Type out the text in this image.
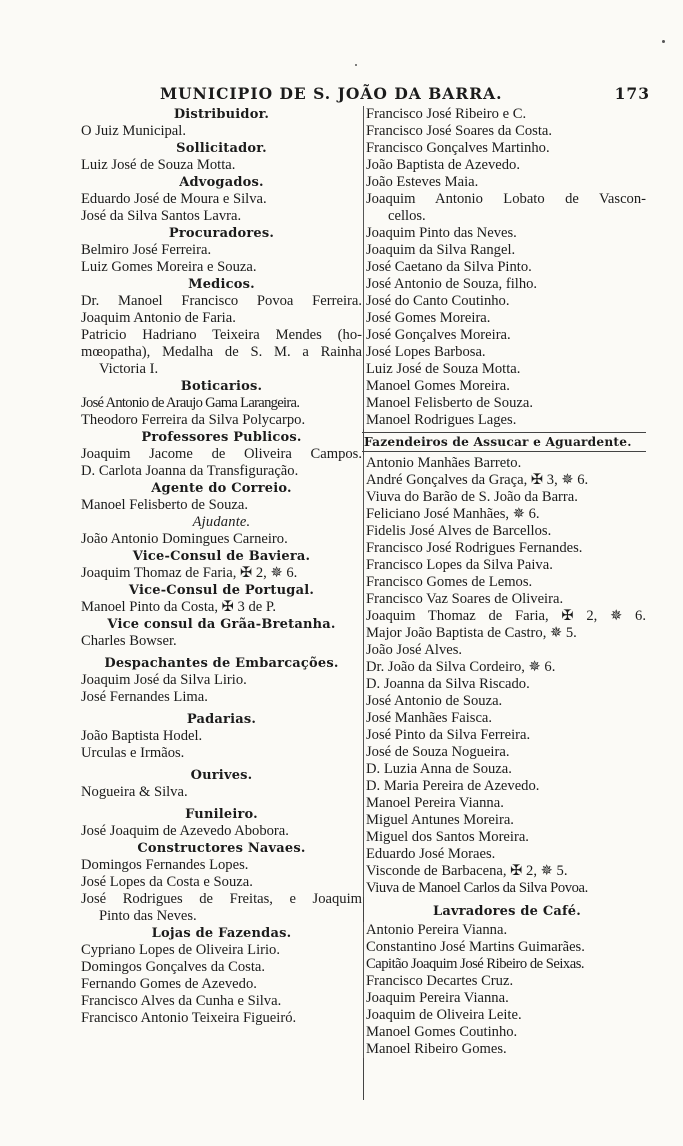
MUNICIPIO DE S. JOÃO DA BARRA.	173
Distribuidor.
O Juiz Municipal.
Sollicitador.
Luiz José de Souza Motta.
Advogados.
Eduardo José de Moura e Silva.
José da Silva Santos Lavra.
Procuradores.
Belmiro José Ferreira.
Luiz Gomes Moreira e Souza.
Medicos.
Dr. Manoel Francisco Povoa Ferreira.
Joaquim Antonio de Faria.
Patricio Hadriano Teixeira Mendes (ho-
mœopatha), Medalha de S. M. a Rainha
Victoria I.
Boticarios.
José Antonio de Araujo Gama Larangeira.
Theodoro Ferreira da Silva Polycarpo.
Professores Publicos.
Joaquim Jacome de Oliveira Campos.
D. Carlota Joanna da Transfiguração.
Agente do Correio.
Manoel Felisberto de Souza.
Ajudante.
João Antonio Domingues Carneiro.
Vice-Consul de Baviera.
Joaquim Thomaz de Faria, ✠ 2, ✵ 6.
Vice-Consul de Portugal.
Manoel Pinto da Costa, ✠ 3 de P.
Vice consul da Grãa-Bretanha.
Charles Bowser.
Despachantes de Embarcações.
Joaquim José da Silva Lirio.
José Fernandes Lima.
Padarias.
João Baptista Hodel.
Urculas e Irmãos.
Ourives.
Nogueira & Silva.
Funileiro.
José Joaquim de Azevedo Abobora.
Constructores Navaes.
Domingos Fernandes Lopes.
José Lopes da Costa e Souza.
José Rodrigues de Freitas, e Joaquim
Pinto das Neves.
Lojas de Fazendas.
Cypriano Lopes de Oliveira Lirio.
Domingos Gonçalves da Costa.
Fernando Gomes de Azevedo.
Francisco Alves da Cunha e Silva.
Francisco Antonio Teixeira Figueiró.
Francisco José Ribeiro e C.
Francisco José Soares da Costa.
Francisco Gonçalves Martinho.
João Baptista de Azevedo.
João Esteves Maia.
Joaquim Antonio Lobato de Vascon-
cellos.
Joaquim Pinto das Neves.
Joaquim da Silva Rangel.
José Caetano da Silva Pinto.
José Antonio de Souza, filho.
José do Canto Coutinho.
José Gomes Moreira.
José Gonçalves Moreira.
José Lopes Barbosa.
Luiz José de Souza Motta.
Manoel Gomes Moreira.
Manoel Felisberto de Souza.
Manoel Rodrigues Lages.
Fazendeiros de Assucar e Aguardente.
Antonio Manhães Barreto.
André Gonçalves da Graça, ✠ 3, ✵ 6.
Viuva do Barão de S. João da Barra.
Feliciano José Manhães, ✵ 6.
Fidelis José Alves de Barcellos.
Francisco José Rodrigues Fernandes.
Francisco Lopes da Silva Paiva.
Francisco Gomes de Lemos.
Francisco Vaz Soares de Oliveira.
Joaquim Thomaz de Faria, ✠ 2, ✵ 6.
Major João Baptista de Castro, ✵ 5.
João José Alves.
Dr. João da Silva Cordeiro, ✵ 6.
D. Joanna da Silva Riscado.
José Antonio de Souza.
José Manhães Faisca.
José Pinto da Silva Ferreira.
José de Souza Nogueira.
D. Luzia Anna de Souza.
D. Maria Pereira de Azevedo.
Manoel Pereira Vianna.
Miguel Antunes Moreira.
Miguel dos Santos Moreira.
Eduardo José Moraes.
Visconde de Barbacena, ✠ 2, ✵ 5.
Viuva de Manoel Carlos da Silva Povoa.
Lavradores de Café.
Antonio Pereira Vianna.
Constantino José Martins Guimarães.
Capitão Joaquim José Ribeiro de Seixas.
Francisco Decartes Cruz.
Joaquim Pereira Vianna.
Joaquim de Oliveira Leite.
Manoel Gomes Coutinho.
Manoel Ribeiro Gomes.
